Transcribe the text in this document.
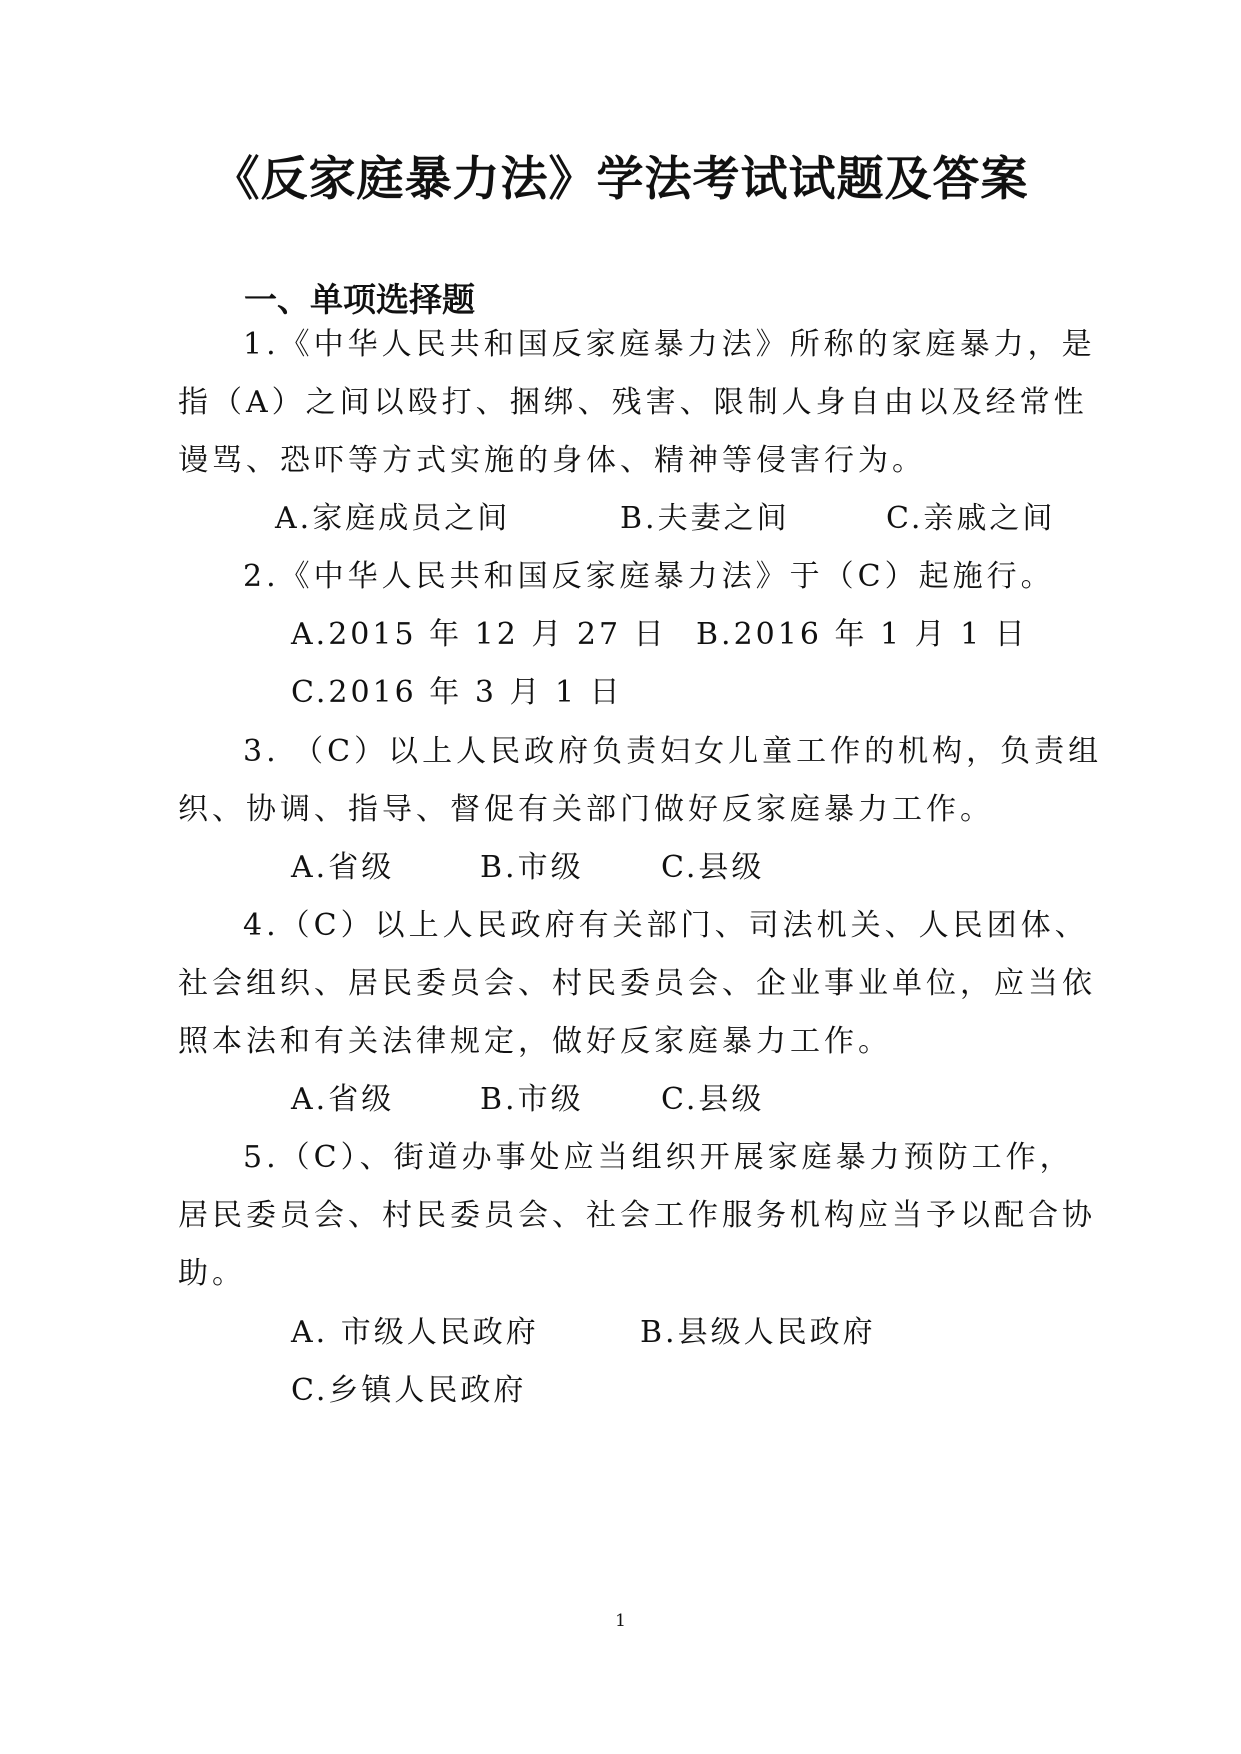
《反家庭暴力法》学法考试试题及答案
一、单项选择题
1.《中华人民共和国反家庭暴力法》所称的家庭暴力，是
指（A）之间以殴打、捆绑、残害、限制人身自由以及经常性
谩骂、恐吓等方式实施的身体、精神等侵害行为。
A.家庭成员之间	B.夫妻之间	C.亲戚之间
2.《中华人民共和国反家庭暴力法》于（C）起施行。
A.2015 年 12 月 27 日 B.2016 年 1 月 1 日
C.2016 年 3 月 1 日
3. （C）以上人民政府负责妇女儿童工作的机构，负责组
织、协调、指导、督促有关部门做好反家庭暴力工作。
A.省级	B.市级	C.县级
4.（C）以上人民政府有关部门、司法机关、人民团体、
社会组织、居民委员会、村民委员会、企业事业单位，应当依
照本法和有关法律规定，做好反家庭暴力工作。
A.省级	B.市级	C.县级
5.（C）、街道办事处应当组织开展家庭暴力预防工作，
居民委员会、村民委员会、社会工作服务机构应当予以配合协
助。
A. 市级人民政府	B.县级人民政府
C.乡镇人民政府
1
